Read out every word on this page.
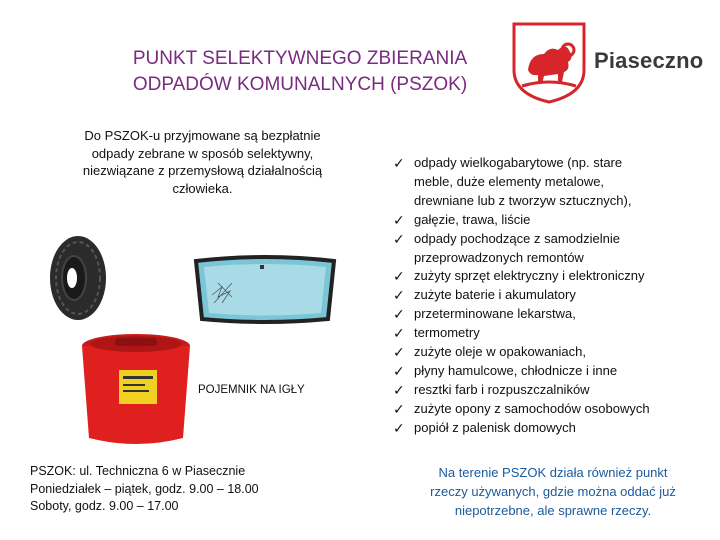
PUNKT SELEKTYWNEGO ZBIERANIA
ODPADÓW KOMUNALNYCH (PSZOK)
Piaseczno
Do PSZOK-u przyjmowane są bezpłatnie
odpady zebrane w sposób selektywny,
niezwiązane z przemysłową działalnością
człowieka.
POJEMNIK NA IGŁY
PSZOK: ul. Techniczna 6 w Piasecznie
Poniedziałek – piątek, godz. 9.00 – 18.00
Soboty, godz. 9.00 – 17.00
✓ odpady wielkogabarytowe (np. stare
meble, duże elementy metalowe,
drewniane lub z tworzyw sztucznych),
✓ gałęzie, trawa, liście
✓ odpady pochodzące z samodzielnie
przeprowadzonych remontów
✓ zużyty sprzęt elektryczny i elektroniczny
✓ zużyte baterie i akumulatory
✓ przeterminowane lekarstwa,
✓ termometry
✓ zużyte oleje w opakowaniach,
✓ płyny hamulcowe, chłodnicze i inne
✓ resztki farb i rozpuszczalników
✓ zużyte opony z samochodów osobowych
✓ popiół z palenisk domowych
Na terenie PSZOK działa również punkt
rzeczy używanych, gdzie można oddać już
niepotrzebne, ale sprawne rzeczy.
